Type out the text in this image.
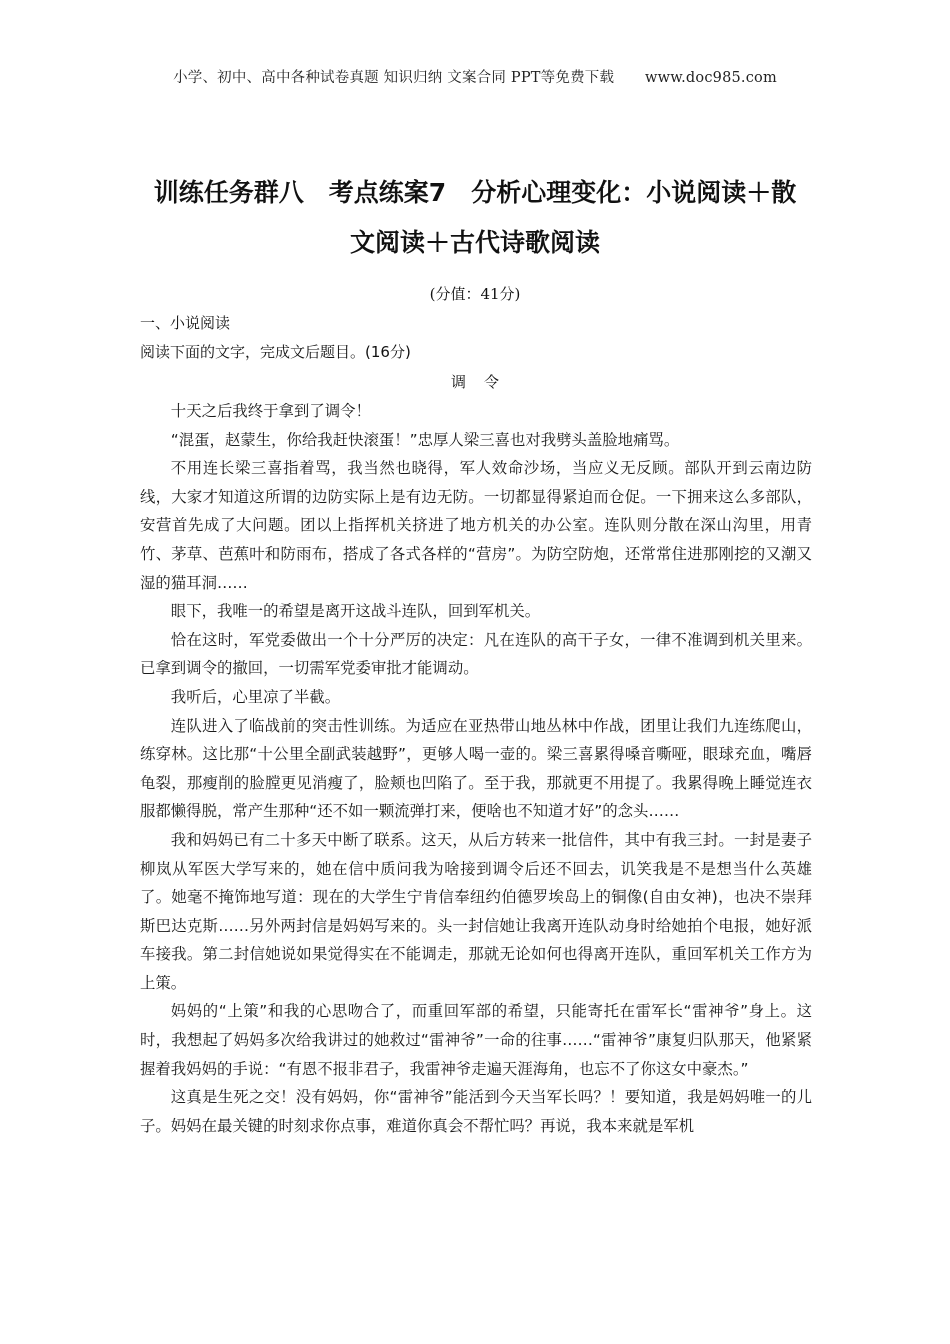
小学、初中、高中各种试卷真题 知识归纳 文案合同 PPT等免费下载 www.doc985.com
训练任务群八　考点练案7　分析心理变化：小说阅读＋散
文阅读＋古代诗歌阅读
(分值：41分)
一、小说阅读
阅读下面的文字，完成文后题目。(16分)
调令

十天之后我终于拿到了调令！

“混蛋，赵蒙生，你给我赶快滚蛋！”忠厚人梁三喜也对我劈头盖脸地痛骂。

不用连长梁三喜指着骂，我当然也晓得，军人效命沙场，当应义无反顾。部队开到云南边防线，大家才知道这所谓的边防实际上是有边无防。一切都显得紧迫而仓促。一下拥来这么多部队，安营首先成了大问题。团以上指挥机关挤进了地方机关的办公室。连队则分散在深山沟里，用青竹、茅草、芭蕉叶和防雨布，搭成了各式各样的“营房”。为防空防炮，还常常住进那刚挖的又潮又湿的猫耳洞……

眼下，我唯一的希望是离开这战斗连队，回到军机关。

恰在这时，军党委做出一个十分严厉的决定：凡在连队的高干子女，一律不准调到机关里来。已拿到调令的撤回，一切需军党委审批才能调动。

我听后，心里凉了半截。

连队进入了临战前的突击性训练。为适应在亚热带山地丛林中作战，团里让我们九连练爬山，练穿林。这比那“十公里全副武装越野”，更够人喝一壶的。梁三喜累得嗓音嘶哑，眼球充血，嘴唇龟裂，那瘦削的脸膛更见消瘦了，脸颊也凹陷了。至于我，那就更不用提了。我累得晚上睡觉连衣服都懒得脱，常产生那种“还不如一颗流弹打来，便啥也不知道才好”的念头……

我和妈妈已有二十多天中断了联系。这天，从后方转来一批信件，其中有我三封。一封是妻子柳岚从军医大学写来的，她在信中质问我为啥接到调令后还不回去，讥笑我是不是想当什么英雄了。她毫不掩饰地写道：现在的大学生宁肯信奉纽约伯德罗埃岛上的铜像(自由女神)，也决不崇拜斯巴达克斯……另外两封信是妈妈写来的。头一封信她让我离开连队动身时给她拍个电报，她好派车接我。第二封信她说如果觉得实在不能调走，那就无论如何也得离开连队，重回军机关工作方为上策。

妈妈的“上策”和我的心思吻合了，而重回军部的希望，只能寄托在雷军长“雷神爷”身上。这时，我想起了妈妈多次给我讲过的她救过“雷神爷”一命的往事……“雷神爷”康复归队那天，他紧紧握着我妈妈的手说：“有恩不报非君子，我雷神爷走遍天涯海角，也忘不了你这女中豪杰。”

这真是生死之交！没有妈妈，你“雷神爷”能活到今天当军长吗？！要知道，我是妈妈唯一的儿子。妈妈在最关键的时刻求你点事，难道你真会不帮忙吗？再说，我本来就是军机
